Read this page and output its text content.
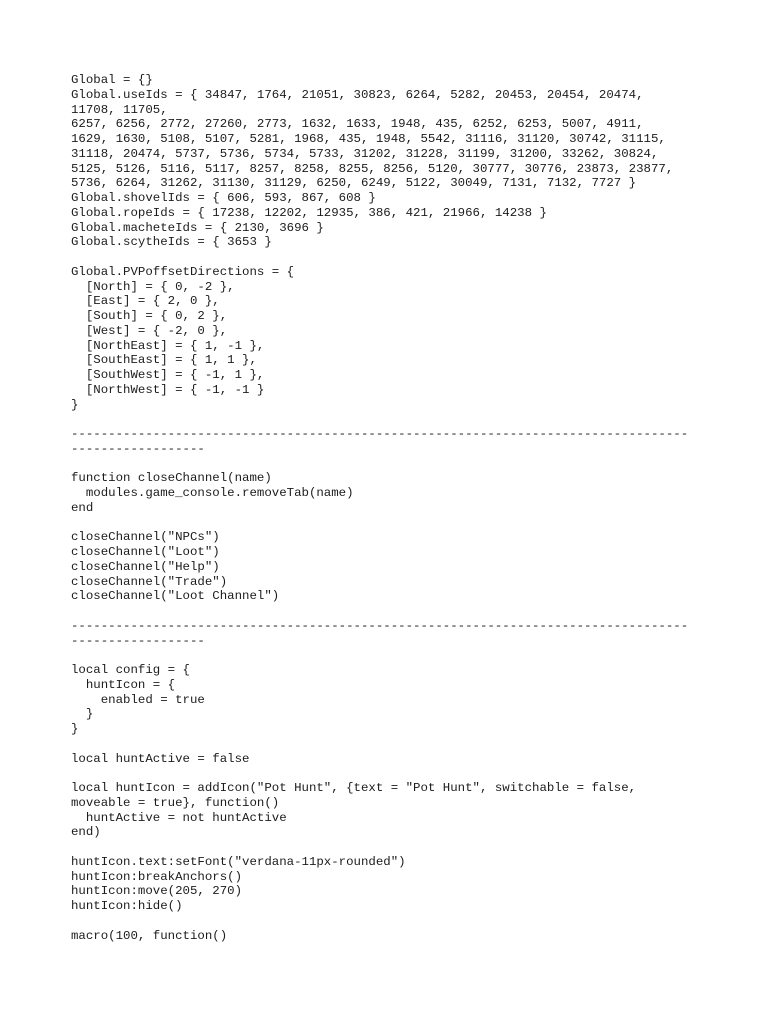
Global = {}
Global.useIds = { 34847, 1764, 21051, 30823, 6264, 5282, 20453, 20454, 20474,
11708, 11705,
6257, 6256, 2772, 27260, 2773, 1632, 1633, 1948, 435, 6252, 6253, 5007, 4911,
1629, 1630, 5108, 5107, 5281, 1968, 435, 1948, 5542, 31116, 31120, 30742, 31115,
31118, 20474, 5737, 5736, 5734, 5733, 31202, 31228, 31199, 31200, 33262, 30824,
5125, 5126, 5116, 5117, 8257, 8258, 8255, 8256, 5120, 30777, 30776, 23873, 23877,
5736, 6264, 31262, 31130, 31129, 6250, 6249, 5122, 30049, 7131, 7132, 7727 }
Global.shovelIds = { 606, 593, 867, 608 }
Global.ropeIds = { 17238, 12202, 12935, 386, 421, 21966, 14238 }
Global.macheteIds = { 2130, 3696 }
Global.scytheIds = { 3653 }
Global.PVPoffsetDirections = {
[North] = { 0, -2 },
[East] = { 2, 0 },
[South] = { 0, 2 },
[West] = { -2, 0 },
[NorthEast] = { 1, -1 },
[SouthEast] = { 1, 1 },
[SouthWest] = { -1, 1 },
[NorthWest] = { -1, -1 }
}
-----------------------------------------------------------------------------------
------------------
function closeChannel(name)
modules.game_console.removeTab(name)
end
closeChannel("NPCs")
closeChannel("Loot")
closeChannel("Help")
closeChannel("Trade")
closeChannel("Loot Channel")
-----------------------------------------------------------------------------------
------------------
local config = {
huntIcon = {
enabled = true
}
}
local huntActive = false
local huntIcon = addIcon("Pot Hunt", {text = "Pot Hunt", switchable = false,
moveable = true}, function()
huntActive = not huntActive
end)
huntIcon.text:setFont("verdana-11px-rounded")
huntIcon:breakAnchors()
huntIcon:move(205, 270)
huntIcon:hide()
macro(100, function()
